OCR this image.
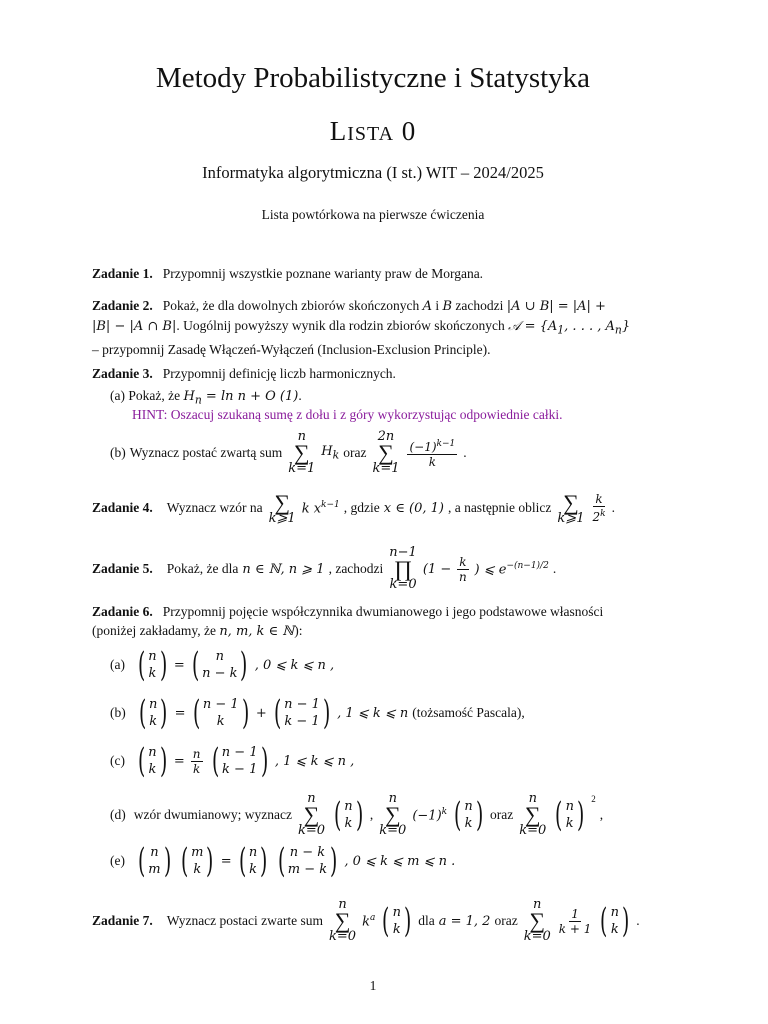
Metody Probabilistyczne i Statystyka
LISTA 0
Informatyka algorytmiczna (I st.) WIT – 2024/2025
Lista powtórkowa na pierwsze ćwiczenia
Zadanie 1. Przypomnij wszystkie poznane warianty praw de Morgana.
Zadanie 2. Pokaż, że dla dowolnych zbiorów skończonych A i B zachodzi |A ∪ B| = |A| +
|B| − |A ∩ B|. Uogólnij powyższy wynik dla rodzin zbiorów skończonych 𝒜 = {$A_1$, . . . , $A_n$}
– przypomnij Zasadę Włączeń-Wyłączeń (Inclusion-Exclusion Principle).
Zadanie 3. Przypomnij definicję liczb harmonicznych.
(a) Pokaż, że $H_n = \ln n + O$ (1).
HINT: Oszacuj szukaną sumę z dołu i z góry wykorzystując odpowiednie całki.
(b) Wyznacz postać zwartą sum
n
∑
k=1
$H_k$ oraz
2n
∑
$k=1 \frac{(-1)^{k-1}}{k}$ .
Zadanie 4. Wyznacz wzór na ∑
k⩾1
k $x^{k-1}$ , gdzie x ∈ (0, 1) , a następnie oblicz ∑
k⩾1 $\frac{k}{2^k}$ .
Zadanie 5. Pokaż, że dla n ∈ ℕ, n ⩾ 1 , zachodzi
n−1
∏
k=0
($1 - \frac{k}{n}$ ) ⩽ $e^{-(n-1)/2}$ .
Zadanie 6. Przypomnij pojęcie współczynnika dwumianowego i jego podstawowe własności
(poniżej zakładamy, że n, m, k ∈ ℕ):
(a) ( n
k ) = ( n
n − k ) , 0 ⩽ k ⩽ n ,
(b) ( n
k ) = ( n − 1
k ) + ( n − 1
k − 1 ) , 1 ⩽ k ⩽ n (tożsamość Pascala),
(c) ( n
k ) = $\frac{n}{k}$ ( n − 1
k − 1 ) , 1 ⩽ k ⩽ n ,
(d) wzór dwumianowy; wyznacz
n
∑
k=0 ( n
k ) ,
n
∑
k=0
$(-1)^k$ ( n
k ) oraz
n
∑
k=0 ( n
k ) $^2$
,
(e) ( n
m ) ( m
k ) = ( n
k ) ( n − k
m − k ) , 0 ⩽ k ⩽ m ⩽ n .
Zadanie 7. Wyznacz postaci zwarte sum
n
∑
k=0
$k^a$ ( n
k ) dla a = 1, 2 oraz
n
∑
k=0
$\frac{1}{k + 1}$ ( n
k ) .
1
